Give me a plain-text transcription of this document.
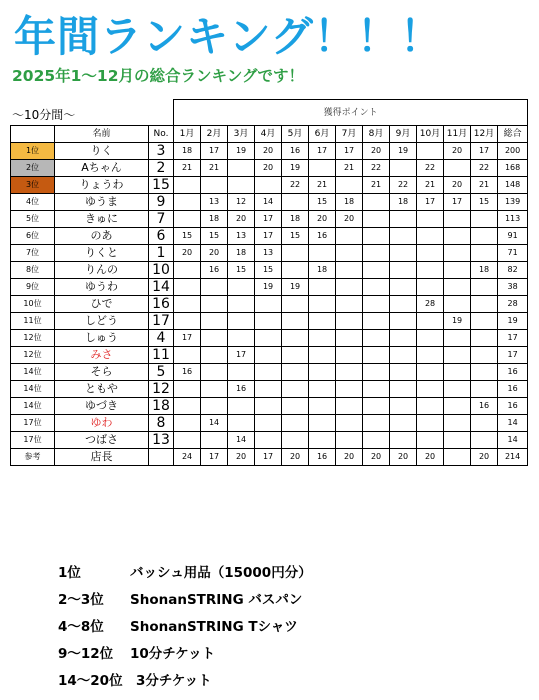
年間ランキング！！！

2025年1～12月の総合ランキングです！

～10分間～
			獲得ポイント												
	名前	No.	1月	2月	3月	4月	5月	6月	7月	8月	9月	10月	11月	12月	総合
1位	りく	3	18	17	19	20	16	17	17	20	19		20	17	200
2位	Aちゃん	2	21	21		20	19		21	22		22		22	168
3位	りょうわ	15					22	21		21	22	21	20	21	148
4位	ゆうま	9		13	12	14		15	18		18	17	17	15	139
5位	きゅに	7		18	20	17	18	20	20						113
6位	のあ	6	15	15	13	17	15	16							91
7位	りくと	1	20	20	18	13									71
8位	りんの	10		16	15	15		18						18	82
9位	ゆうわ	14				19	19								38
10位	ひで	16										28			28
11位	しどう	17											19		19
12位	しゅう	4	17												17
12位	みさ	11			17										17
14位	そら	5	16												16
14位	ともや	12			16										16
14位	ゆづき	18												16	16
17位	ゆわ	8		14											14
17位	つばさ	13			14										14
参考	店長		24	17	20	17	20	16	20	20	20	20		20	214
1位	バッシュ用品（15000円分）
2～3位 ShonanSTRING バスパン
4～8位 ShonanSTRING Tシャツ
9～12位 10分チケット
14～20位 3分チケット
